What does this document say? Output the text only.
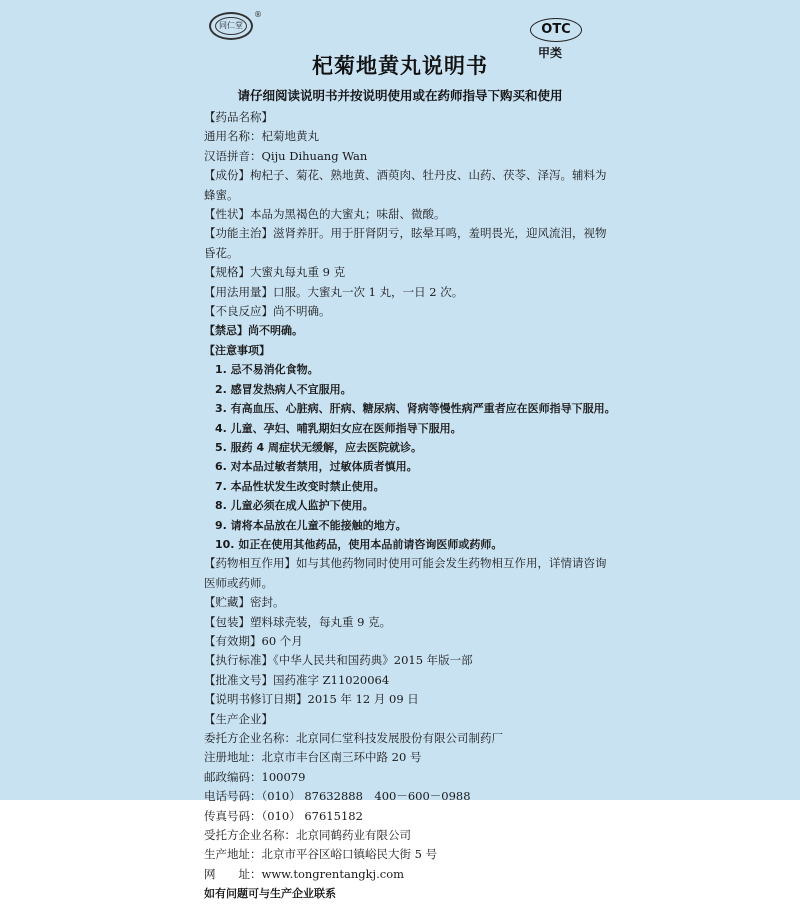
同仁堂
®
OTC
甲类
杞菊地黄丸说明书
请仔细阅读说明书并按说明使用或在药师指导下购买和使用
【药品名称】
通用名称：杞菊地黄丸
汉语拼音：Qiju Dihuang Wan
【成份】枸杞子、菊花、熟地黄、酒萸肉、牡丹皮、山药、茯苓、泽泻。辅料为蜂蜜。
【性状】本品为黑褐色的大蜜丸；味甜、微酸。
【功能主治】滋肾养肝。用于肝肾阴亏，眩晕耳鸣，羞明畏光，迎风流泪，视物昏花。
【规格】大蜜丸每丸重 9 克
【用法用量】口服。大蜜丸一次 1 丸，一日 2 次。
【不良反应】尚不明确。
【禁忌】尚不明确。
【注意事项】
1. 忌不易消化食物。
2. 感冒发热病人不宜服用。
3. 有高血压、心脏病、肝病、糖尿病、肾病等慢性病严重者应在医师指导下服用。
4. 儿童、孕妇、哺乳期妇女应在医师指导下服用。
5. 服药 4 周症状无缓解，应去医院就诊。
6. 对本品过敏者禁用，过敏体质者慎用。
7. 本品性状发生改变时禁止使用。
8. 儿童必须在成人监护下使用。
9. 请将本品放在儿童不能接触的地方。
10. 如正在使用其他药品，使用本品前请咨询医师或药师。
【药物相互作用】如与其他药物同时使用可能会发生药物相互作用，详情请咨询医师或药师。
【贮藏】密封。
【包装】塑料球壳装，每丸重 9 克。
【有效期】60 个月
【执行标准】《中华人民共和国药典》2015 年版一部
【批准文号】国药准字 Z11020064
【说明书修订日期】2015 年 12 月 09 日
【生产企业】
委托方企业名称：北京同仁堂科技发展股份有限公司制药厂
注册地址：北京市丰台区南三环中路 20 号
邮政编码：100079
电话号码：（010） 87632888　400－600－0988
传真号码：（010） 67615182
受托方企业名称：北京同鹤药业有限公司
生产地址：北京市平谷区峪口镇峪民大街 5 号
网　　址：www.tongrentangkj.com
如有问题可与生产企业联系
